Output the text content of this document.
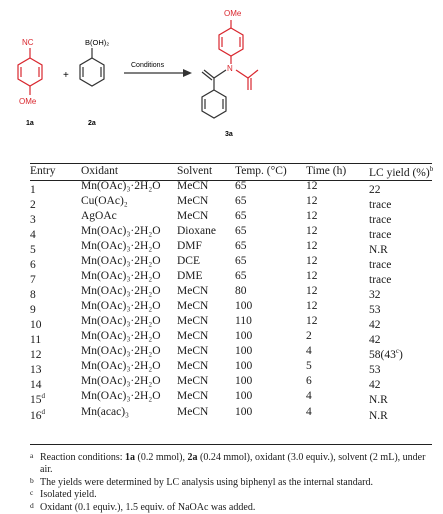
NC
OMe
1a
+
B(OH)₂
2a
Conditions
OMe
N
3a
Entry	Oxidant	Solvent	Temp. (°C)	Time (h)	LC yield (%)$^b$
1	Mn(OAc)₃·2H₂O	MeCN	65	12	22
2	Cu(OAc)₂	MeCN	65	12	trace
3	AgOAc	MeCN	65	12	trace
4	Mn(OAc)₃·2H₂O	Dioxane	65	12	trace
5	Mn(OAc)₃·2H₂O	DMF	65	12	N.R
6	Mn(OAc)₃·2H₂O	DCE	65	12	trace
7	Mn(OAc)₃·2H₂O	DME	65	12	trace
8	Mn(OAc)₃·2H₂O	MeCN	80	12	32
9	Mn(OAc)₃·2H₂O	MeCN	100	12	53
10	Mn(OAc)₃·2H₂O	MeCN	110	12	42
11	Mn(OAc)₃·2H₂O	MeCN	100	2	42
12	Mn(OAc)₃·2H₂O	MeCN	100	4	58(43$^c$)
13	Mn(OAc)₃·2H₂O	MeCN	100	5	53
14	Mn(OAc)₃·2H₂O	MeCN	100	6	42
15$^d$	Mn(OAc)₃·2H₂O	MeCN	100	4	N.R
16$^d$	Mn(acac)₃	MeCN	100	4	N.R
a Reaction conditions: 1a (0.2 mmol), 2a (0.24 mmol), oxidant (3.0 equiv.), solvent (2 mL), under air.
b The yields were determined by LC analysis using biphenyl as the internal standard.
c Isolated yield.
d Oxidant (0.1 equiv.), 1.5 equiv. of NaOAc was added.
